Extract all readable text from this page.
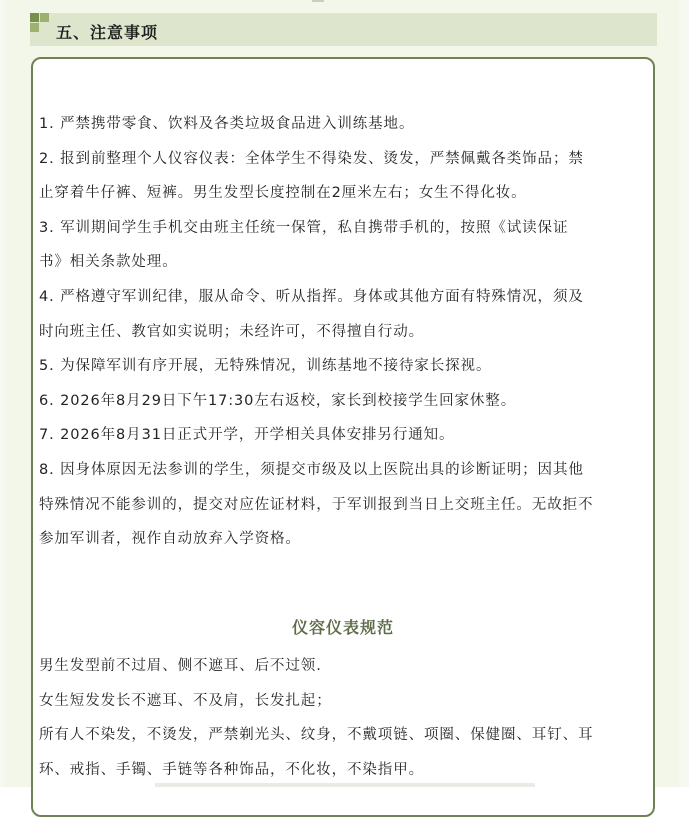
五、注意事项

1. 严禁携带零食、饮料及各类垃圾食品进入训练基地。

2. 报到前整理个人仪容仪表：全体学生不得染发、烫发，严禁佩戴各类饰品；禁

止穿着牛仔裤、短裤。男生发型长度控制在2厘米左右；女生不得化妆。

3. 军训期间学生手机交由班主任统一保管，私自携带手机的，按照《试读保证

书》相关条款处理。

4. 严格遵守军训纪律，服从命令、听从指挥。身体或其他方面有特殊情况，须及

时向班主任、教官如实说明；未经许可，不得擅自行动。

5. 为保障军训有序开展，无特殊情况，训练基地不接待家长探视。

6. 2026年8月29日下午17:30左右返校，家长到校接学生回家休整。

7. 2026年8月31日正式开学，开学相关具体安排另行通知。

8. 因身体原因无法参训的学生，须提交市级及以上医院出具的诊断证明；因其他

特殊情况不能参训的，提交对应佐证材料，于军训报到当日上交班主任。无故拒不

参加军训者，视作自动放弃入学资格。

仪容仪表规范

男生发型前不过眉、侧不遮耳、后不过领.

女生短发发长不遮耳、不及肩，长发扎起；

所有人不染发，不烫发，严禁剃光头、纹身，不戴项链、项圈、保健圈、耳钉、耳

环、戒指、手镯、手链等各种饰品，不化妆，不染指甲。
